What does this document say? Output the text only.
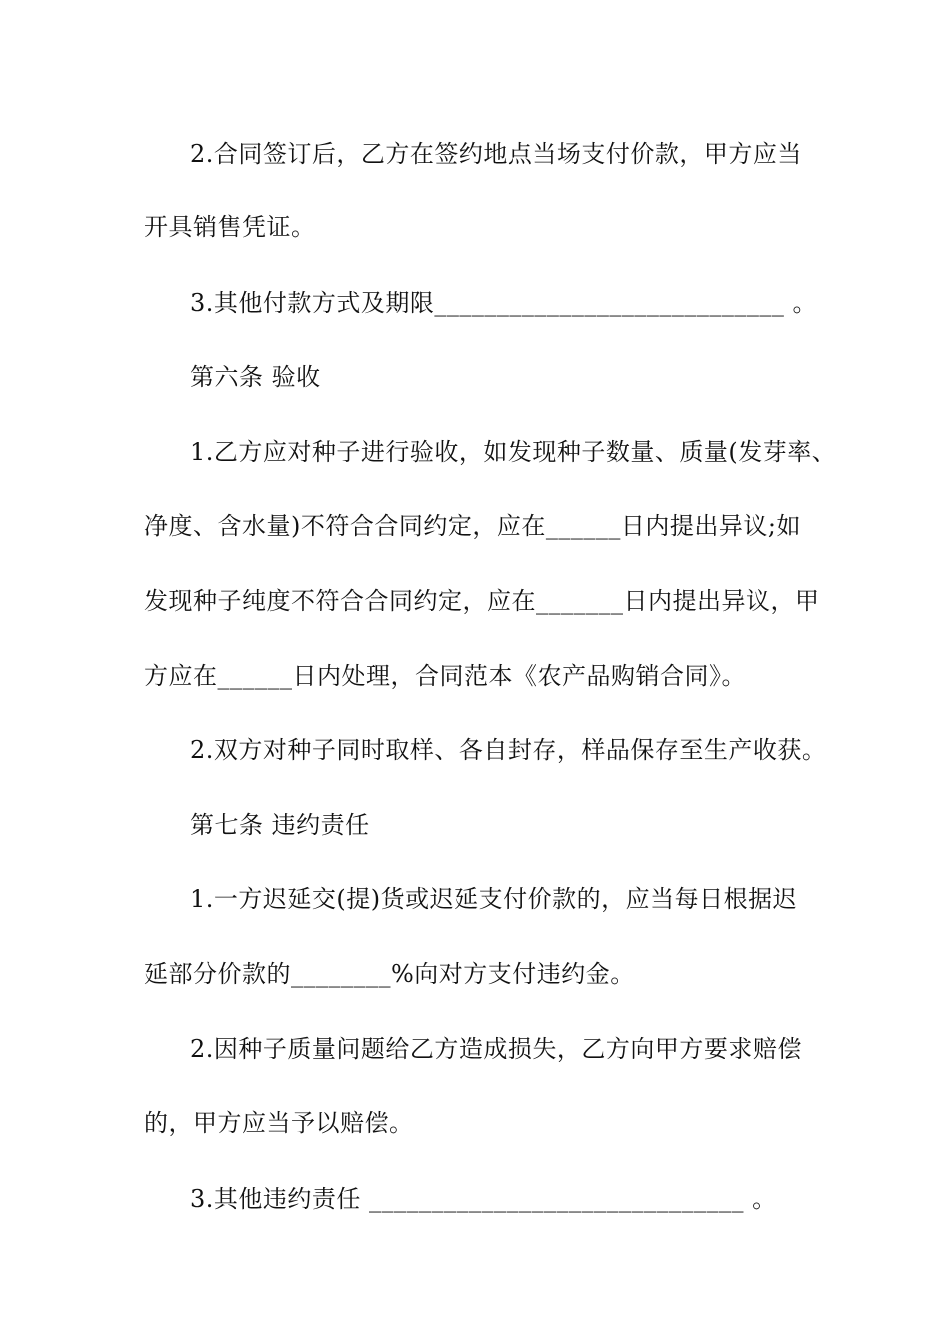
2.合同签订后，乙方在签约地点当场支付价款，甲方应当
开具销售凭证。
3.其他付款方式及期限____________________________ 。
第六条 验收
1.乙方应对种子进行验收，如发现种子数量、质量(发芽率、
净度、含水量)不符合合同约定，应在______日内提出异议;如
发现种子纯度不符合合同约定，应在_______日内提出异议，甲
方应在______日内处理，合同范本《农产品购销合同》。
2.双方对种子同时取样、各自封存，样品保存至生产收获。
第七条 违约责任
1.一方迟延交(提)货或迟延支付价款的，应当每日根据迟
延部分价款的________%向对方支付违约金。
2.因种子质量问题给乙方造成损失，乙方向甲方要求赔偿
的，甲方应当予以赔偿。
3.其他违约责任 ______________________________ 。
